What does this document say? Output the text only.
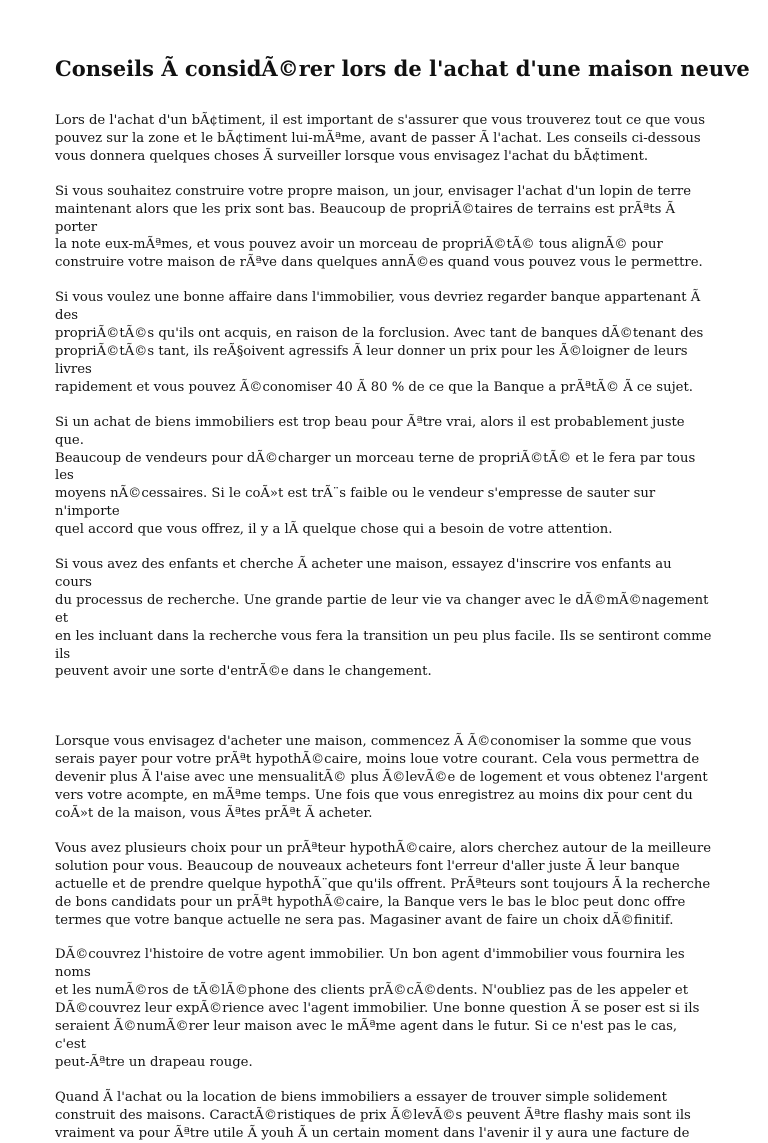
Conseils Ã considÃ©rer lors de l'achat d'une maison neuve

Lors de l'achat d'un bÃ¢timent, il est important de s'assurer que vous trouverez tout ce que vous
pouvez sur la zone et le bÃ¢timent lui-mÃªme, avant de passer Ã l'achat. Les conseils ci-dessous
vous donnera quelques choses Ã surveiller lorsque vous envisagez l'achat du bÃ¢timent.

Si vous souhaitez construire votre propre maison, un jour, envisager l'achat d'un lopin de terre
maintenant alors que les prix sont bas. Beaucoup de propriÃ©taires de terrains est prÃªts Ã porter
la note eux-mÃªmes, et vous pouvez avoir un morceau de propriÃ©tÃ© tous alignÃ© pour
construire votre maison de rÃªve dans quelques annÃ©es quand vous pouvez vous le permettre.

Si vous voulez une bonne affaire dans l'immobilier, vous devriez regarder banque appartenant Ã des
propriÃ©tÃ©s qu'ils ont acquis, en raison de la forclusion. Avec tant de banques dÃ©tenant des
propriÃ©tÃ©s tant, ils reÃ§oivent agressifs Ã leur donner un prix pour les Ã©loigner de leurs livres
rapidement et vous pouvez Ã©conomiser 40 Ã 80 % de ce que la Banque a prÃªtÃ© Ã ce sujet.

Si un achat de biens immobiliers est trop beau pour Ãªtre vrai, alors il est probablement juste que.
Beaucoup de vendeurs pour dÃ©charger un morceau terne de propriÃ©tÃ© et le fera par tous les
moyens nÃ©cessaires. Si le coÃ»t est trÃ¨s faible ou le vendeur s'empresse de sauter sur n'importe
quel accord que vous offrez, il y a lÃ quelque chose qui a besoin de votre attention.

Si vous avez des enfants et cherche Ã acheter une maison, essayez d'inscrire vos enfants au cours
du processus de recherche. Une grande partie de leur vie va changer avec le dÃ©mÃ©nagement et
en les incluant dans la recherche vous fera la transition un peu plus facile. Ils se sentiront comme ils
peuvent avoir une sorte d'entrÃ©e dans le changement.

Lorsque vous envisagez d'acheter une maison, commencez Ã Ã©conomiser la somme que vous
serais payer pour votre prÃªt hypothÃ©caire, moins loue votre courant. Cela vous permettra de
devenir plus Ã l'aise avec une mensualitÃ© plus Ã©levÃ©e de logement et vous obtenez l'argent
vers votre acompte, en mÃªme temps. Une fois que vous enregistrez au moins dix pour cent du
coÃ»t de la maison, vous Ãªtes prÃªt Ã acheter.

Vous avez plusieurs choix pour un prÃªteur hypothÃ©caire, alors cherchez autour de la meilleure
solution pour vous. Beaucoup de nouveaux acheteurs font l'erreur d'aller juste Ã leur banque
actuelle et de prendre quelque hypothÃ¨que qu'ils offrent. PrÃªteurs sont toujours Ã la recherche
de bons candidats pour un prÃªt hypothÃ©caire, la Banque vers le bas le bloc peut donc offre
termes que votre banque actuelle ne sera pas. Magasiner avant de faire un choix dÃ©finitif.

DÃ©couvrez l'histoire de votre agent immobilier. Un bon agent d'immobilier vous fournira les noms
et les numÃ©ros de tÃ©lÃ©phone des clients prÃ©cÃ©dents. N'oubliez pas de les appeler et
DÃ©couvrez leur expÃ©rience avec l'agent immobilier. Une bonne question Ã se poser est si ils
seraient Ã©numÃ©rer leur maison avec le mÃªme agent dans le futur. Si ce n'est pas le cas, c'est
peut-Ãªtre un drapeau rouge.

Quand Ã l'achat ou la location de biens immobiliers a essayer de trouver simple solidement
construit des maisons. CaractÃ©ristiques de prix Ã©levÃ©s peuvent Ãªtre flashy mais sont ils
vraiment va pour Ãªtre utile Ã youh Ã un certain moment dans l'avenir il y aura une facture de
